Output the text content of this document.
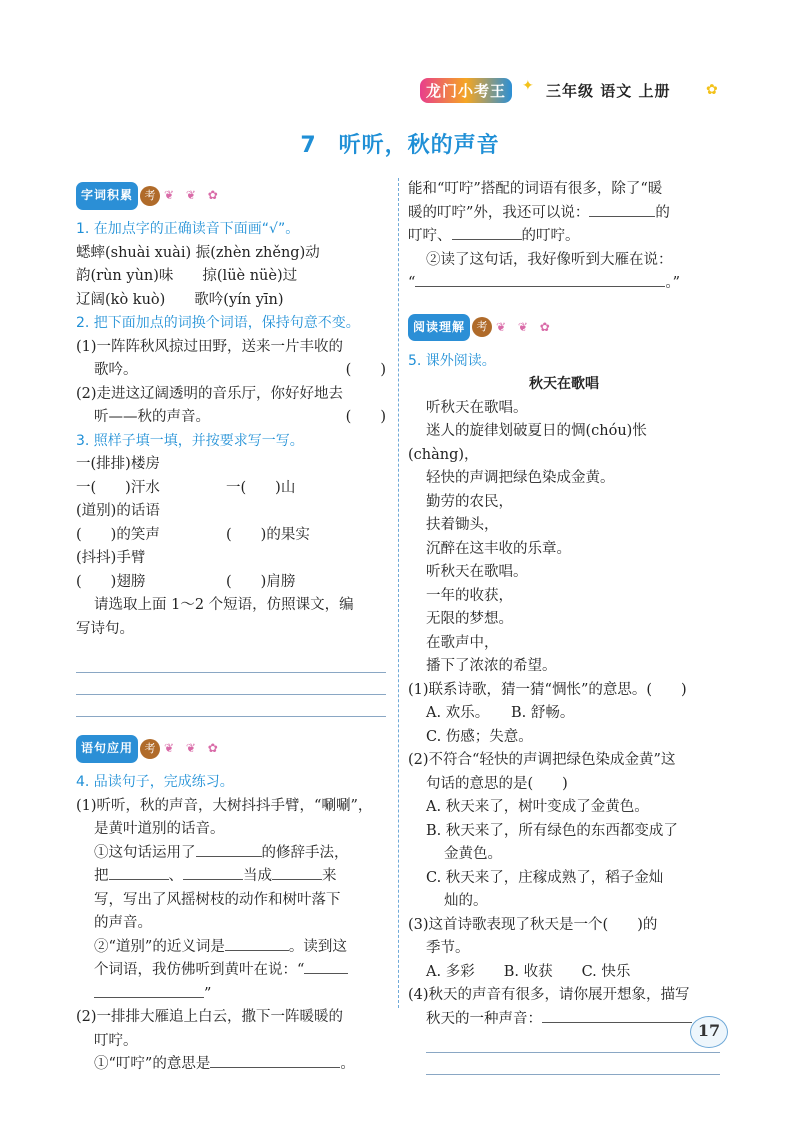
龙门小考王	三年级 语文 上册
✦	✿
7 听听，秋的声音
字词积累 考 ❦ ❦ ✿
1. 在加点字的正确读音下面画“√”。
蟋蟀(shuài xuài) 振(zhèn zhěng)动
韵(rùn yùn)味　　掠(lüè nüè)过
辽阔(kò kuò)　　歌吟(yín yīn)
2. 把下面加点的词换个词语，保持句意不变。
(1)一阵阵秋风掠过田野，送来一片丰收的
歌吟。	(　　)
(2)走进这辽阔透明的音乐厅，你好好地去
听——秋的声音。	(　　)
3. 照样子填一填，并按要求写一写。
一(排排)楼房
一(　　)汗水	一(　　)山
(道别)的话语
(　　)的笑声	(　　)的果实
(抖抖)手臂
(　　)翅膀	(　　)肩膀
请选取上面 1～2 个短语，仿照课文，编
写诗句。
语句应用 考 ❦ ❦ ✿
4. 品读句子，完成练习。
(1)听听，秋的声音，大树抖抖手臂，“唰唰”，
是黄叶道别的话音。
①这句话运用了	的修辞手法，
把	、	当成	来
写，写出了风摇树枝的动作和树叶落下
的声音。
②“道别”的近义词是	。读到这
个词语，我仿佛听到黄叶在说：“
”
(2)一排排大雁追上白云，撒下一阵暖暖的
叮咛。
①“叮咛”的意思是	。
能和“叮咛”搭配的词语有很多，除了“暖
暖的叮咛”外，我还可以说：	的
叮咛、	的叮咛。
②读了这句话，我好像听到大雁在说：
“	。”
阅读理解 考 ❦ ❦ ✿
5. 课外阅读。
秋天在歌唱
听秋天在歌唱。
迷人的旋律划破夏日的惆(chóu)怅
(chàng)，
轻快的声调把绿色染成金黄。
勤劳的农民，
扶着锄头，
沉醉在这丰收的乐章。
听秋天在歌唱。
一年的收获，
无限的梦想。
在歌声中，
播下了浓浓的希望。
(1)联系诗歌，猜一猜“惆怅”的意思。(　　)
A. 欢乐。　　B. 舒畅。
C. 伤感；失意。
(2)不符合“轻快的声调把绿色染成金黄”这
句话的意思的是(　　)
A. 秋天来了，树叶变成了金黄色。
B. 秋天来了，所有绿色的东西都变成了
金黄色。
C. 秋天来了，庄稼成熟了，稻子金灿
灿的。
(3)这首诗歌表现了秋天是一个(　　)的
季节。
A. 多彩　　B. 收获　　C. 快乐
(4)秋天的声音有很多，请你展开想象，描写
秋天的一种声音：
17
